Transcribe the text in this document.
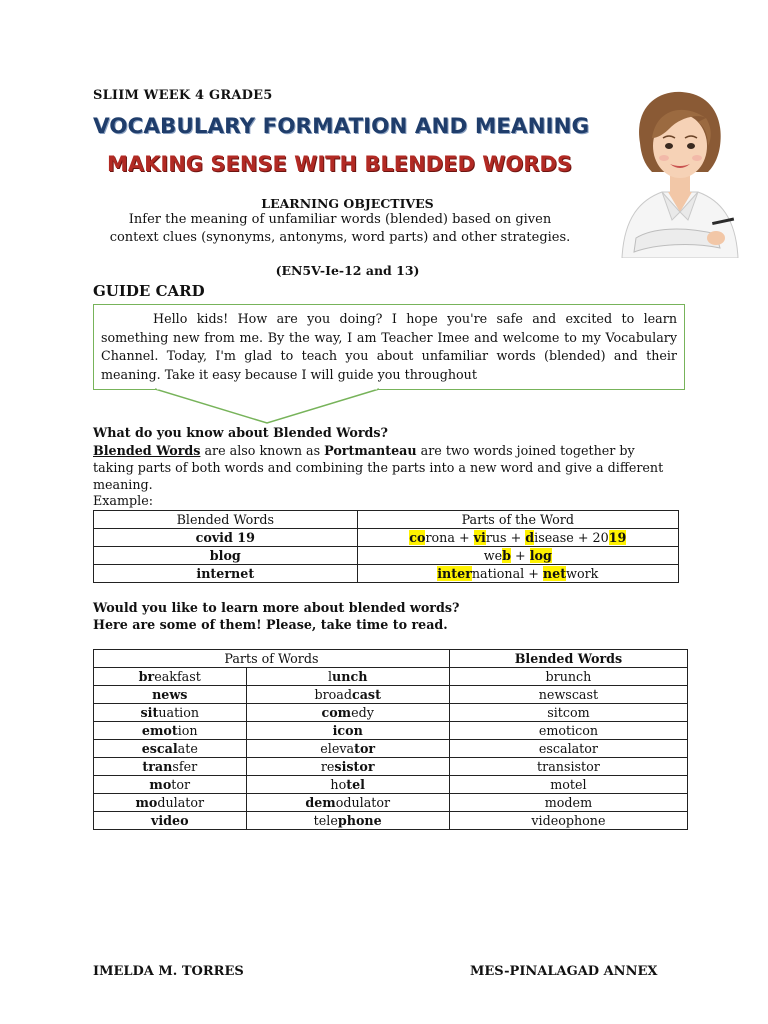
SLIIM WEEK 4 GRADE5
VOCABULARY FORMATION AND MEANING
MAKING SENSE WITH BLENDED WORDS
LEARNING OBJECTIVES
Infer the meaning of unfamiliar words (blended) based on given context clues (synonyms, antonyms, word parts) and other strategies.
(EN5V-Ie-12 and 13)
GUIDE CARD
Hello kids! How are you doing? I hope you're safe and excited to learn something new from me. By the way, I am Teacher Imee and welcome to my Vocabulary Channel. Today, I'm glad to teach you about unfamiliar words (blended) and their meaning. Take it easy because I will guide you throughout
What do you know about Blended Words?
Blended Words are also known as Portmanteau are two words joined together by taking parts of both words and combining the parts into a new word and give a different meaning.
Example:
Blended Words	Parts of the Word
covid 19	corona + virus + disease + 2019
blog	web + log
internet	international + network
Would you like to learn more about blended words?
Here are some of them! Please, take time to read.
Parts of Words		Blended Words
breakfast	lunch	brunch
news	broadcast	newscast
situation	comedy	sitcom
emotion	icon	emoticon
escalate	elevator	escalator
transfer	resistor	transistor
motor	hotel	motel
modulator	demodulator	modem
video	telephone	videophone
IMELDA M. TORRES	MES-PINALAGAD ANNEX
